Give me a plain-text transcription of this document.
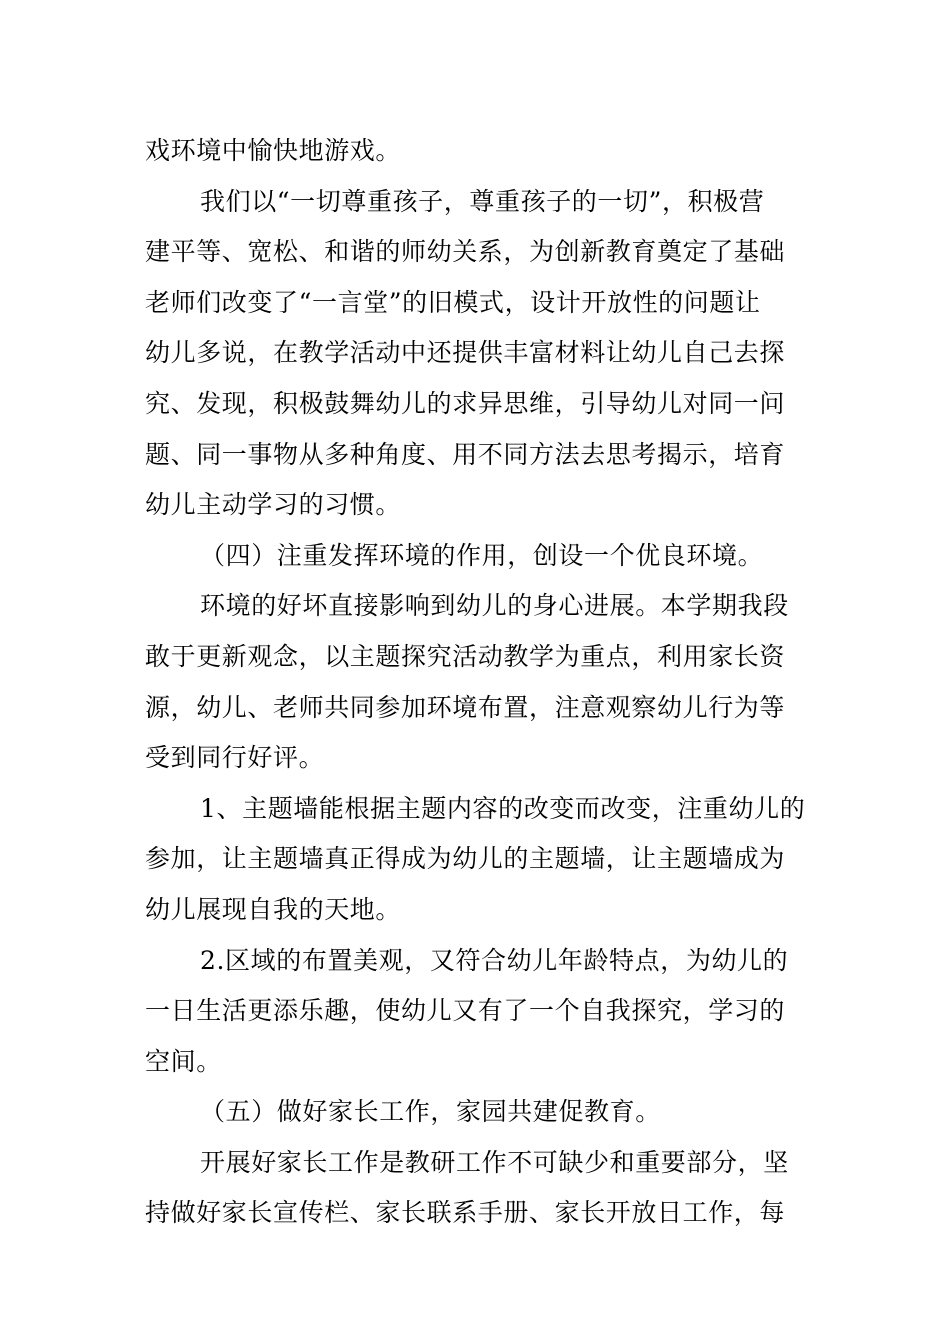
戏环境中愉快地游戏。
我们以“一切尊重孩子，尊重孩子的一切”，积极营
建平等、宽松、和谐的师幼关系，为创新教育奠定了基础
老师们改变了“一言堂”的旧模式，设计开放性的问题让
幼儿多说，在教学活动中还提供丰富材料让幼儿自己去探
究、发现，积极鼓舞幼儿的求异思维，引导幼儿对同一问
题、同一事物从多种角度、用不同方法去思考揭示，培育
幼儿主动学习的习惯。
（四）注重发挥环境的作用，创设一个优良环境。
环境的好坏直接影响到幼儿的身心进展。本学期我段
敢于更新观念，以主题探究活动教学为重点，利用家长资
源，幼儿、老师共同参加环境布置，注意观察幼儿行为等
受到同行好评。
1、主题墙能根据主题内容的改变而改变，注重幼儿的
参加，让主题墙真正得成为幼儿的主题墙，让主题墙成为
幼儿展现自我的天地。
2.区域的布置美观，又符合幼儿年龄特点，为幼儿的
一日生活更添乐趣，使幼儿又有了一个自我探究，学习的
空间。
（五）做好家长工作，家园共建促教育。
开展好家长工作是教研工作不可缺少和重要部分，坚
持做好家长宣传栏、家长联系手册、家长开放日工作，每
